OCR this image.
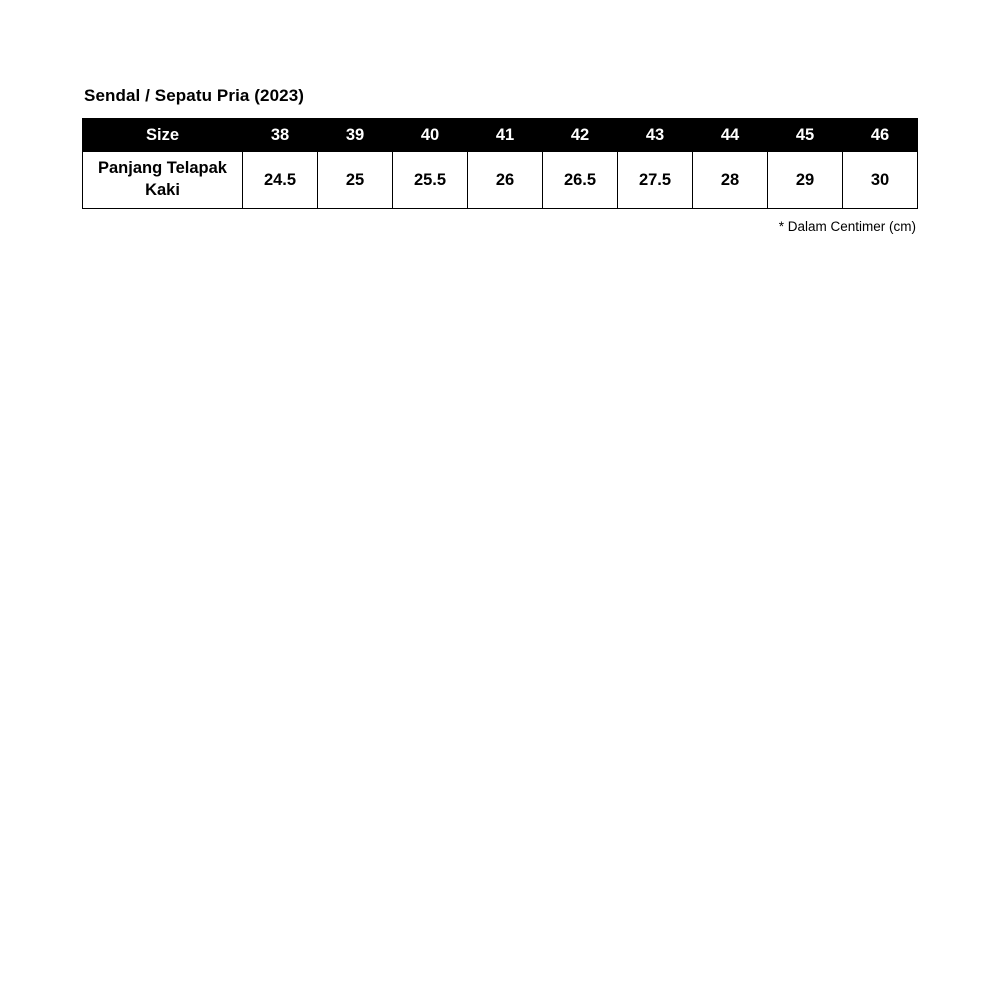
Sendal / Sepatu Pria (2023)
Size	38	39	40	41	42	43	44	45	46
Panjang Telapak Kaki	24.5	25	25.5	26	26.5	27.5	28	29	30
* Dalam Centimer (cm)
